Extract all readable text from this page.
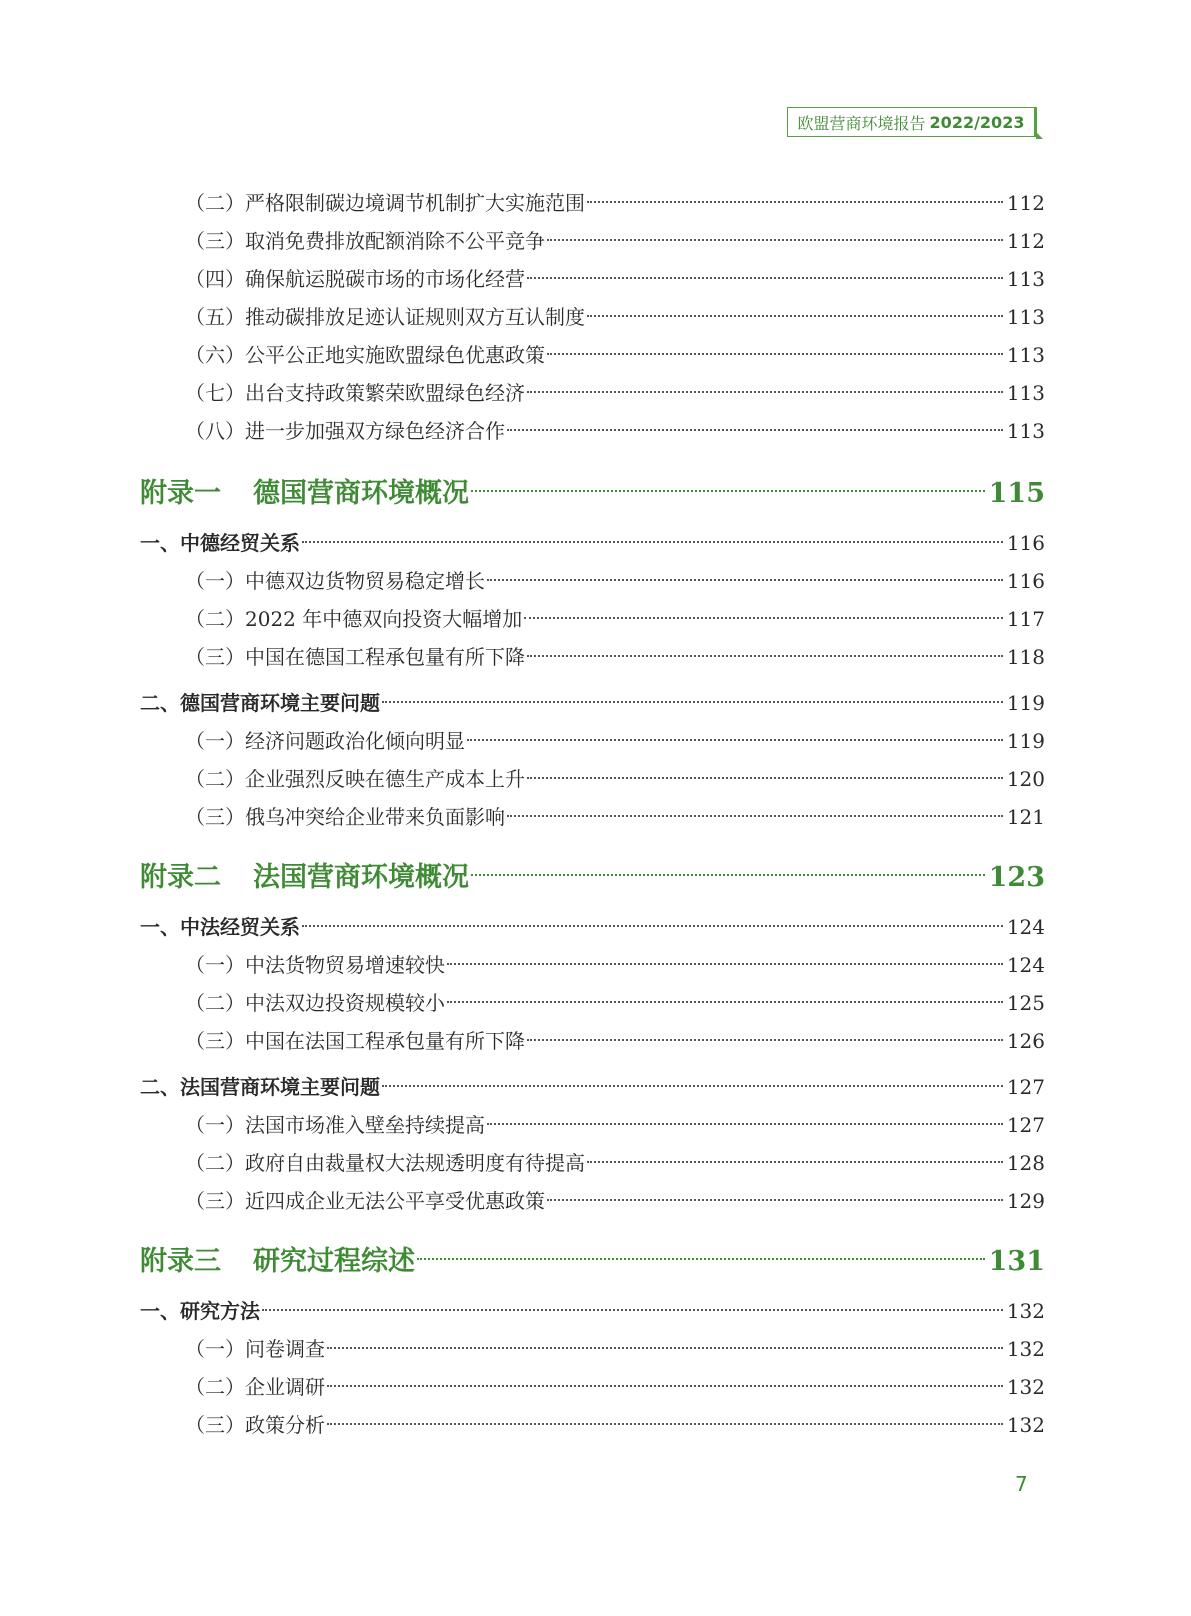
欧盟营商环境报告 2022/2023
（二）严格限制碳边境调节机制扩大实施范围	112
（三）取消免费排放配额消除不公平竞争	112
（四）确保航运脱碳市场的市场化经营	113
（五）推动碳排放足迹认证规则双方互认制度	113
（六）公平公正地实施欧盟绿色优惠政策	113
（七）出台支持政策繁荣欧盟绿色经济	113
（八）进一步加强双方绿色经济合作	113
附录一 德国营商环境概况	115
一、中德经贸关系	116
（一）中德双边货物贸易稳定增长	116
（二）2022 年中德双向投资大幅增加	117
（三）中国在德国工程承包量有所下降	118
二、德国营商环境主要问题	119
（一）经济问题政治化倾向明显	119
（二）企业强烈反映在德生产成本上升	120
（三）俄乌冲突给企业带来负面影响	121
附录二 法国营商环境概况	123
一、中法经贸关系	124
（一）中法货物贸易增速较快	124
（二）中法双边投资规模较小	125
（三）中国在法国工程承包量有所下降	126
二、法国营商环境主要问题	127
（一）法国市场准入壁垒持续提高	127
（二）政府自由裁量权大法规透明度有待提高	128
（三）近四成企业无法公平享受优惠政策	129
附录三 研究过程综述	131
一、研究方法	132
（一）问卷调查	132
（二）企业调研	132
（三）政策分析	132
7
